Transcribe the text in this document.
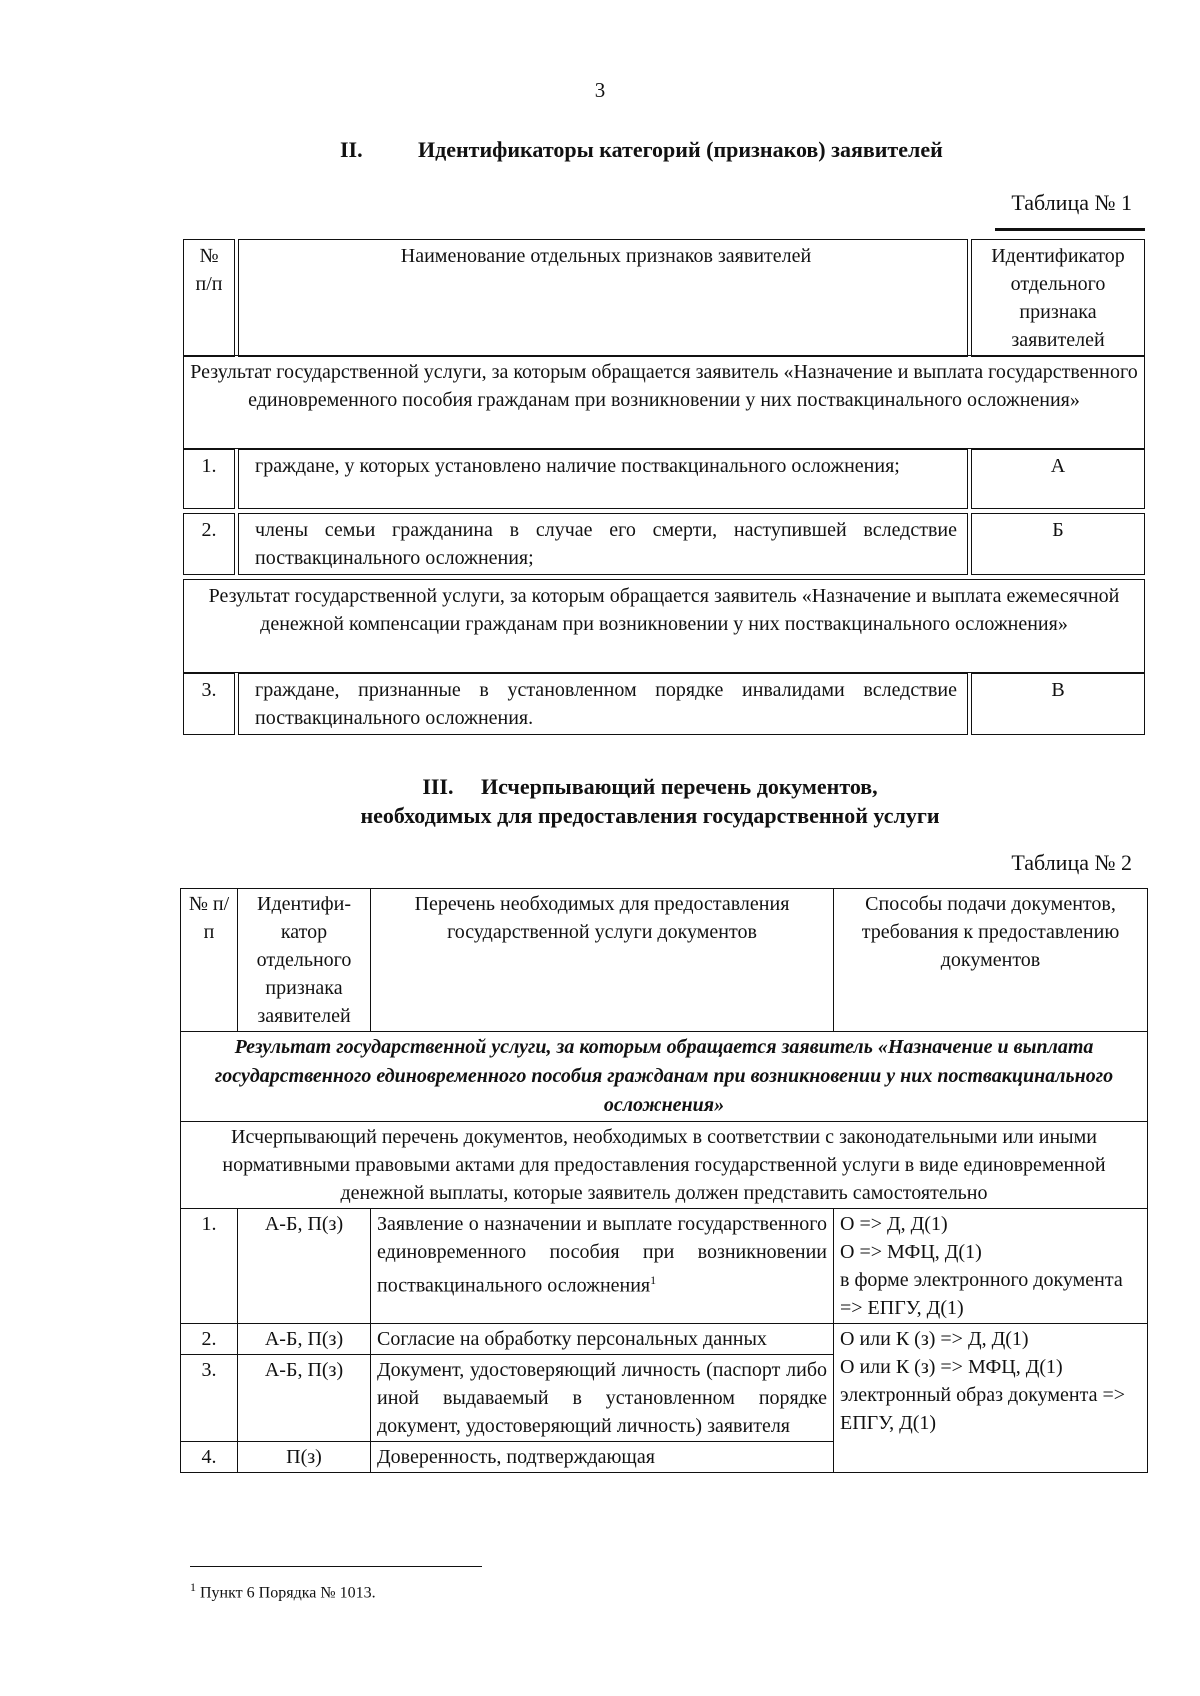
3
II.	Идентификаторы категорий (признаков) заявителей
Таблица № 1
№ п/п	Наименование отдельных признаков заявителей	Идентификатор отдельного признака заявителей
Результат государственной услуги, за которым обращается заявитель «Назначение и выплата государственного единовременного пособия гражданам при возникновении у них поствакцинального осложнения»
1.	граждане, у которых установлено наличие поствакцинального осложнения;	А
2.	члены семьи гражданина в случае его смерти, наступившей вследствие поствакцинального осложнения;	Б
Результат государственной услуги, за которым обращается заявитель «Назначение и выплата ежемесячной денежной компенсации гражданам при возникновении у них поствакцинального осложнения»
3.	граждане, признанные в установленном порядке инвалидами вследствие поствакцинального осложнения.	В
III. Исчерпывающий перечень документов,
необходимых для предоставления государственной услуги
Таблица № 2
№ п/п	Идентифи-катор отдельного признака заявителей	Перечень необходимых для предоставления государственной услуги документов	Способы подачи документов, требования к предоставлению документов
Результат государственной услуги, за которым обращается заявитель «Назначение и выплата государственного единовременного пособия гражданам при возникновении у них поствакцинального осложнения»			
Исчерпывающий перечень документов, необходимых в соответствии с законодательными или иными нормативными правовыми актами для предоставления государственной услуги в виде единовременной денежной выплаты, которые заявитель должен представить самостоятельно			
1.	А-Б, П(з)	Заявление о назначении и выплате государственного единовременного пособия при возникновении поствакцинального осложнения$^1$	О => Д, Д(1)
О => МФЦ, Д(1)
в форме электронного документа => ЕПГУ, Д(1)

2.	А-Б, П(з)	Согласие на обработку персональных данных	О или К (з) => Д, Д(1)
О или К (з) => МФЦ, Д(1)
электронный образ документа => ЕПГУ, Д(1)

3.	А-Б, П(з)	Документ, удостоверяющий личность (паспорт либо иной выдаваемый в установленном порядке документ, удостоверяющий личность) заявителя	
4.	П(з)	Доверенность, подтверждающая	
$^1$ Пункт 6 Порядка № 1013.
